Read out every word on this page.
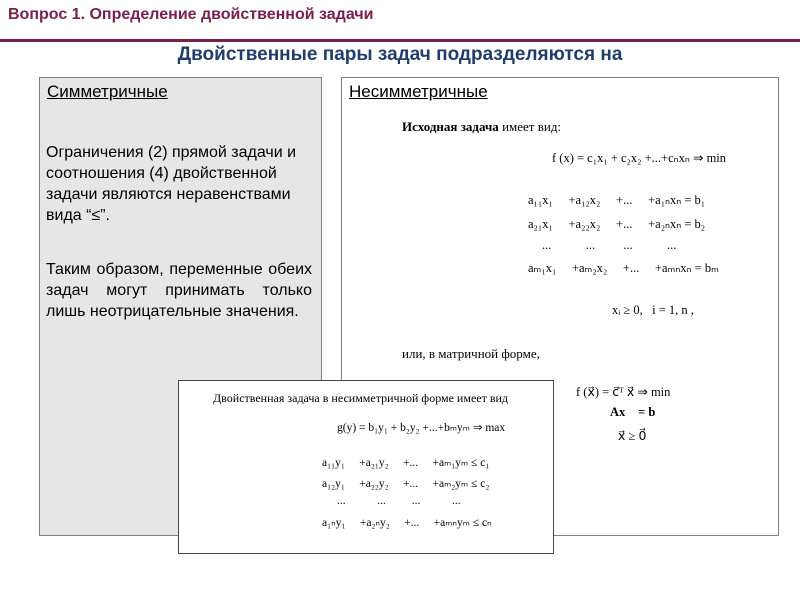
Вопрос 1. Определение двойственной задачи
Двойственные пары задач подразделяются на
Симметричные
Ограничения (2) прямой задачи и соотношения (4) двойственной задачи являются неравенствами вида “≤”.
Таким образом, переменные обеих задач могут принимать только лишь неотрицательные значения.
Несимметричные
Исходная задача имеет вид:
f (x) = c₁x₁ + c₂x₂ +...+cₙxₙ ⇒ min
a₁₁x₁     +a₁₂x₂     +...     +a₁ₙxₙ = b₁
a₂₁x₁     +a₂₂x₂     +...     +a₂ₙxₙ = b₂
...           ...         ...           ...
aₘ₁x₁     +aₘ₂x₂     +...     +aₘₙxₙ = bₘ
xᵢ ≥ 0,   i = 1, n ,
или, в матричной форме,
f (x⃗) = c⃗ᵀ x⃗ ⇒ min
Ax⃗ = b⃗
x⃗ ≥ 0⃗
Двойственная задача в несимметричной форме имеет вид
g(y) = b₁y₁ + b₂y₂ +...+bₘyₘ ⇒ max
a₁₁y₁     +a₂₁y₂     +...     +aₘ₁yₘ ≤ c₁
a₁₂y₁     +a₂₂y₂     +...     +aₘ₂yₘ ≤ c₂
...           ...         ...           ...
a₁ₙy₁     +a₂ₙy₂     +...     +aₘₙyₘ ≤ cₙ
